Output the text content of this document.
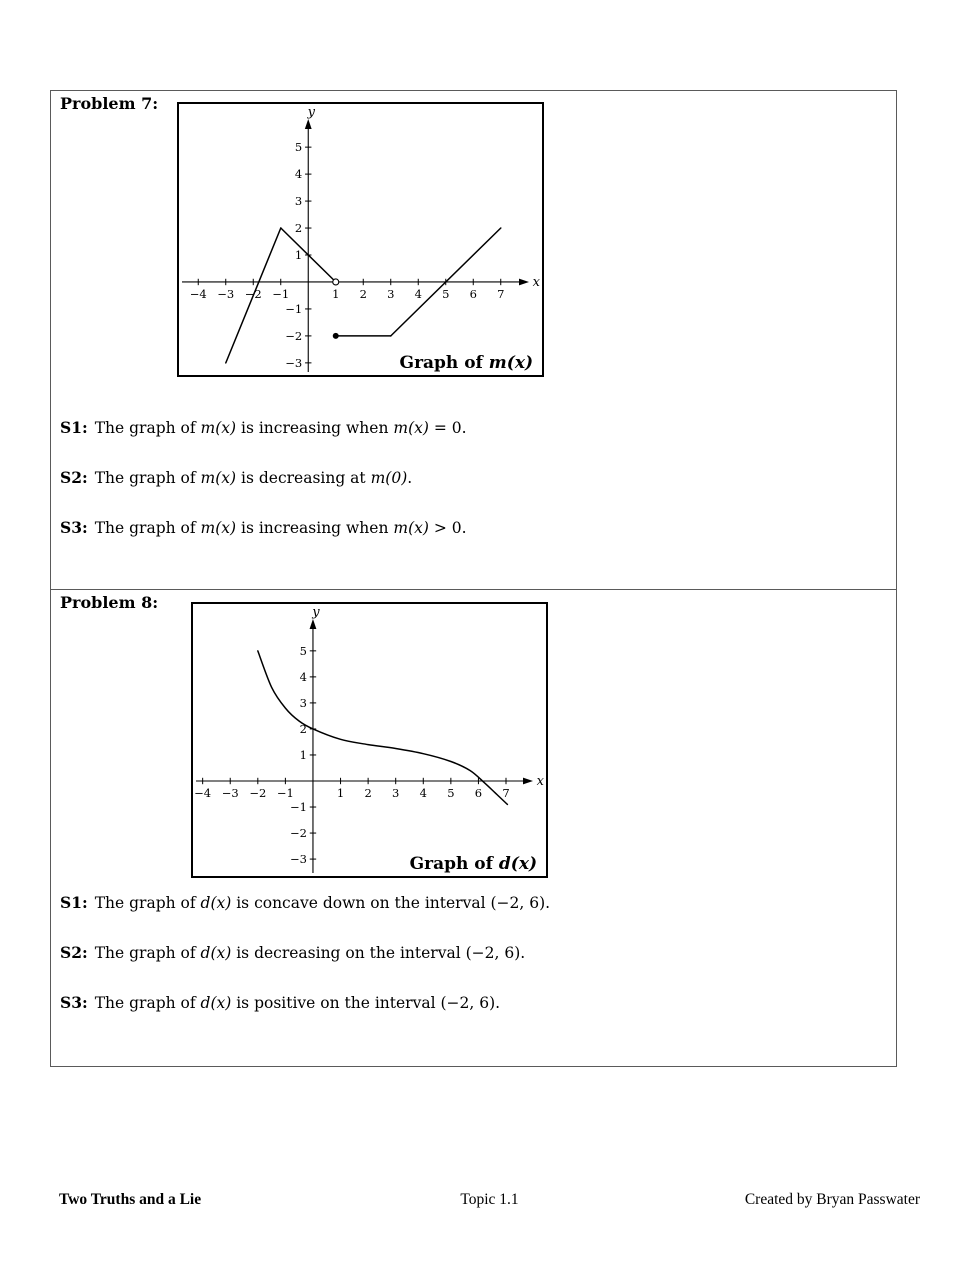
Problem 7:
x
y
−4 −3 −2 −1	1 2 3 4 5 6 7
−3
−2
−1
1
2
3
4
5
Graph of m(x)
S1: The graph of m(x) is increasing when m(x) = 0.
S2: The graph of m(x) is decreasing at m(0).
S3: The graph of m(x) is increasing when m(x) > 0.
Problem 8:
x
y
−4 −3 −2 −1	1 2 3 4 5 6 7
−3
−2
−1
1
2
3
4
5
Graph of d(x)
S1: The graph of d(x) is concave down on the interval (−2, 6).
S2: The graph of d(x) is decreasing on the interval (−2, 6).
S3: The graph of d(x) is positive on the interval (−2, 6).
Two Truths and a Lie	Topic 1.1	Created by Bryan Passwater
